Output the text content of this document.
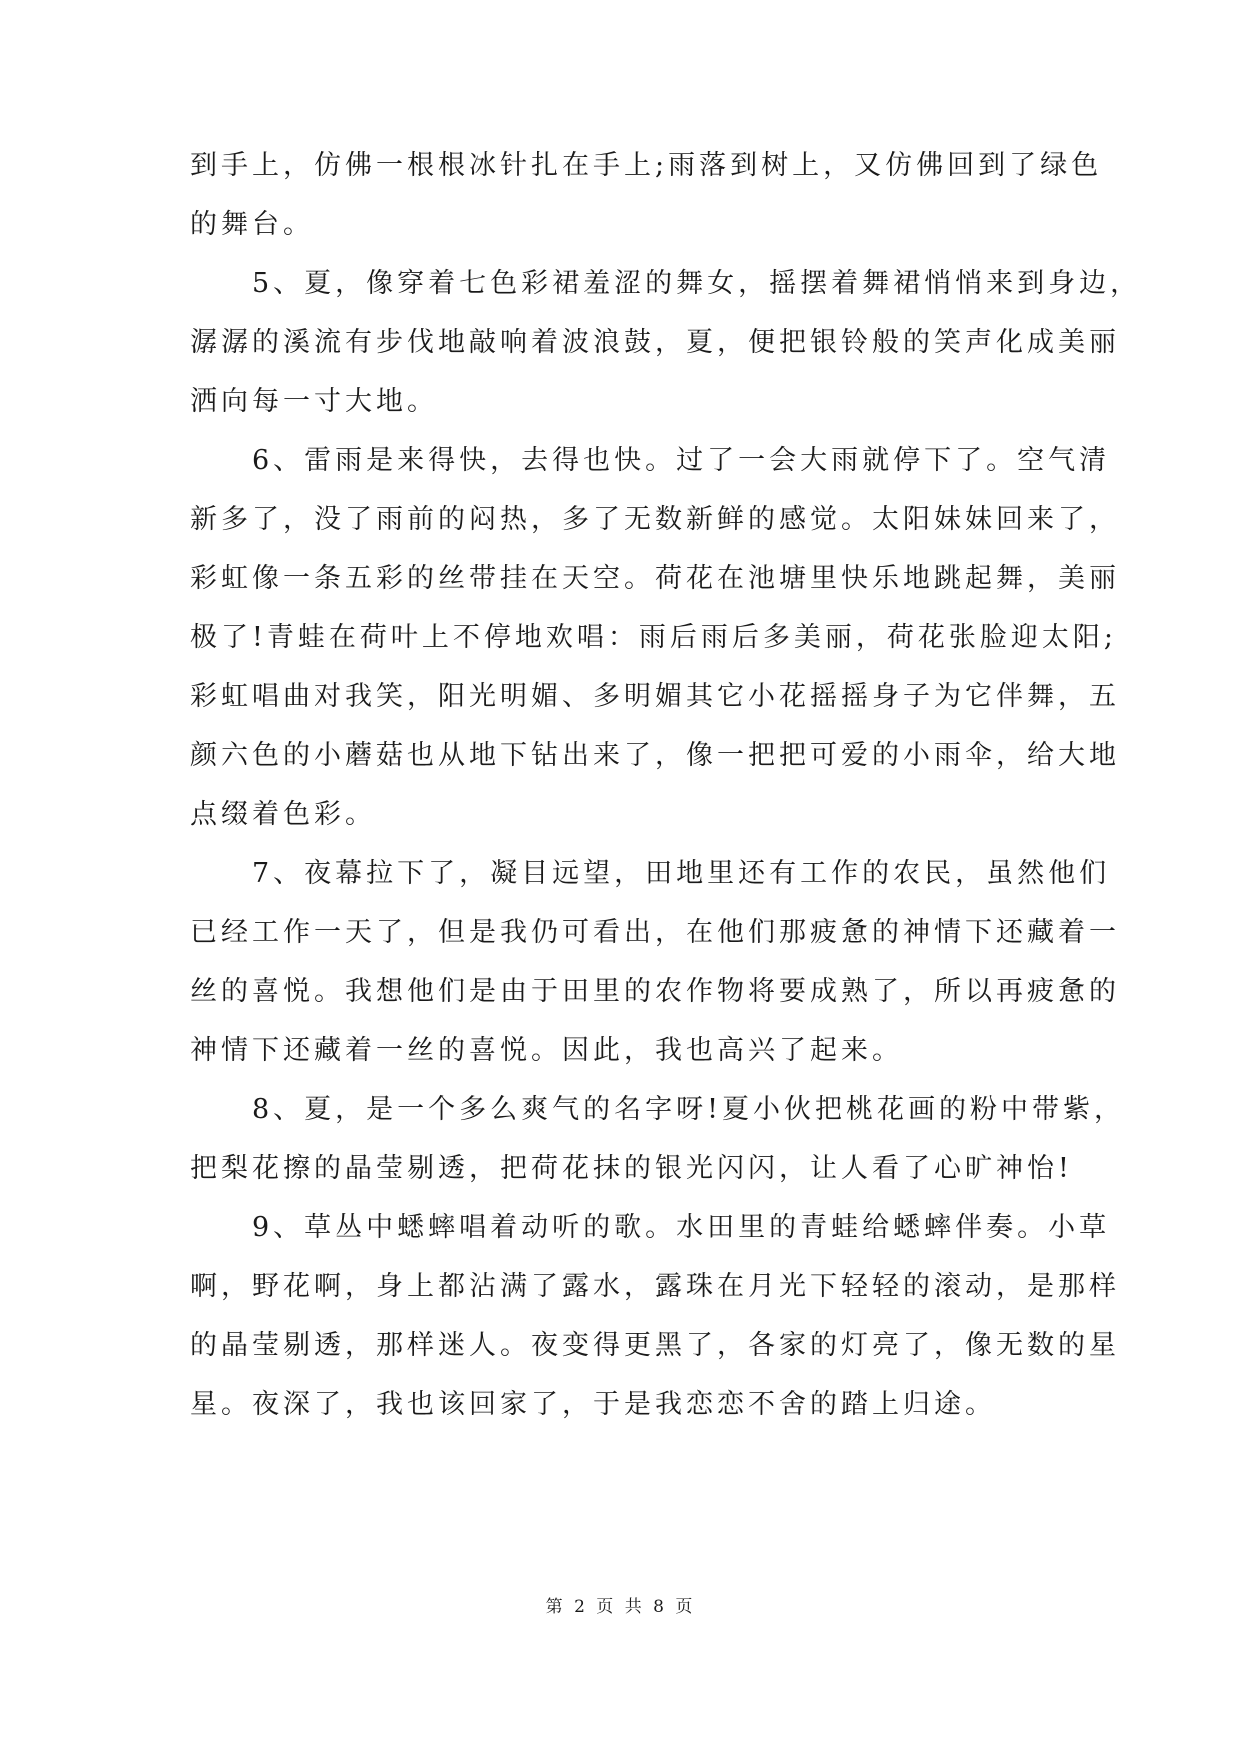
到手上，仿佛一根根冰针扎在手上;雨落到树上，又仿佛回到了绿色
的舞台。
　　5、夏，像穿着七色彩裙羞涩的舞女，摇摆着舞裙悄悄来到身边，
潺潺的溪流有步伐地敲响着波浪鼓，夏，便把银铃般的笑声化成美丽
洒向每一寸大地。
　　6、雷雨是来得快，去得也快。过了一会大雨就停下了。空气清
新多了，没了雨前的闷热，多了无数新鲜的感觉。太阳妹妹回来了，
彩虹像一条五彩的丝带挂在天空。荷花在池塘里快乐地跳起舞，美丽
极了!青蛙在荷叶上不停地欢唱：雨后雨后多美丽，荷花张脸迎太阳;
彩虹唱曲对我笑，阳光明媚、多明媚其它小花摇摇身子为它伴舞，五
颜六色的小蘑菇也从地下钻出来了，像一把把可爱的小雨伞，给大地
点缀着色彩。
　　7、夜幕拉下了，凝目远望，田地里还有工作的农民，虽然他们
已经工作一天了，但是我仍可看出，在他们那疲惫的神情下还藏着一
丝的喜悦。我想他们是由于田里的农作物将要成熟了，所以再疲惫的
神情下还藏着一丝的喜悦。因此，我也高兴了起来。
　　8、夏，是一个多么爽气的名字呀!夏小伙把桃花画的粉中带紫，
把梨花擦的晶莹剔透，把荷花抹的银光闪闪，让人看了心旷神怡!
　　9、草丛中蟋蟀唱着动听的歌。水田里的青蛙给蟋蟀伴奏。小草
啊，野花啊，身上都沾满了露水，露珠在月光下轻轻的滚动，是那样
的晶莹剔透，那样迷人。夜变得更黑了，各家的灯亮了，像无数的星
星。夜深了，我也该回家了，于是我恋恋不舍的踏上归途。
第 2 页 共 8 页
